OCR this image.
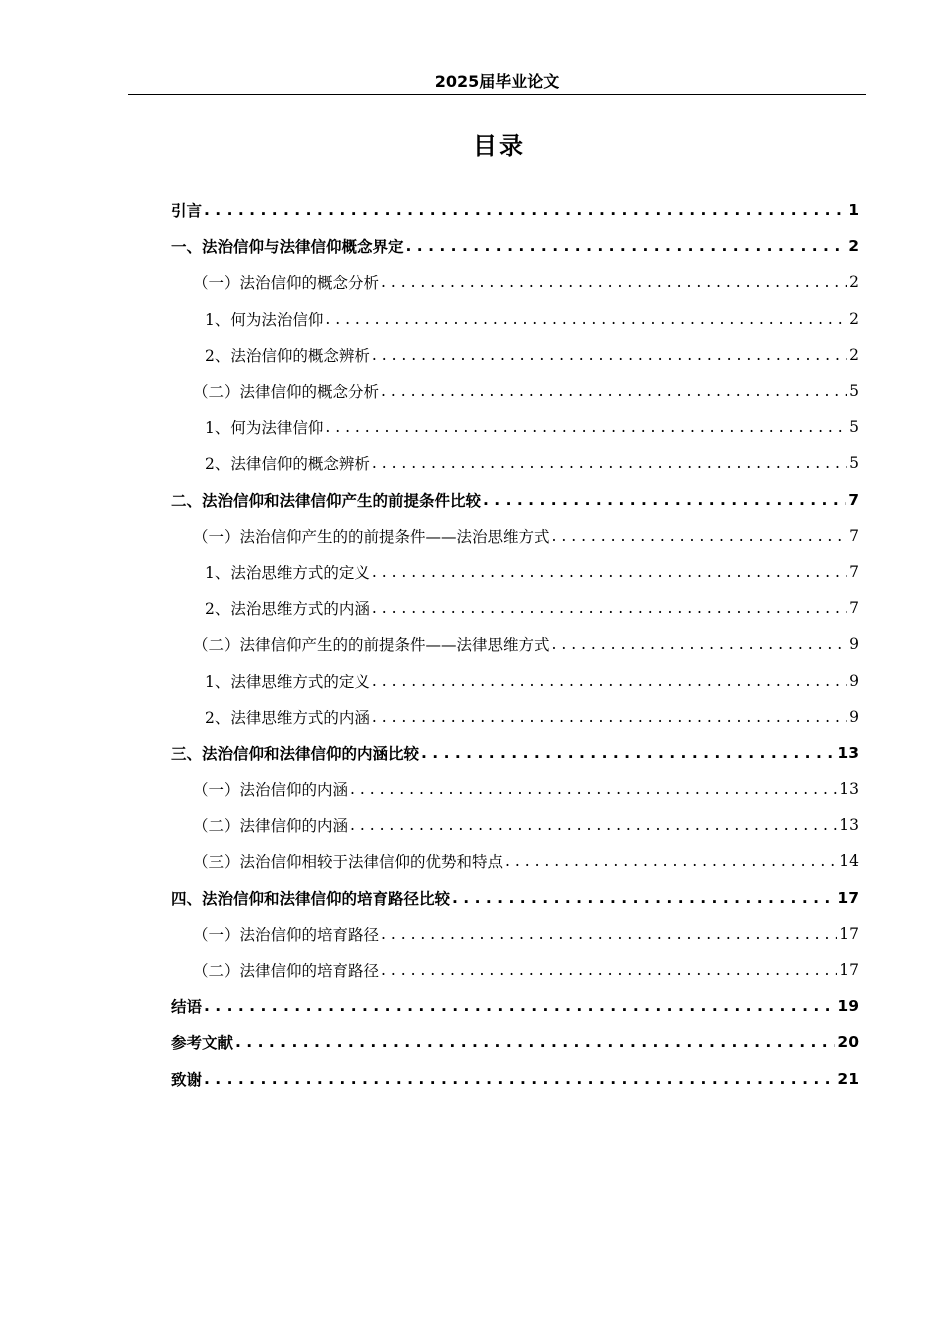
2025届毕业论文
目录
引言 . . .	1
一、法治信仰与法律信仰概念界定 . . .	2
（一）法治信仰的概念分析 . . .	2
1、何为法治信仰 . . .	2
2、法治信仰的概念辨析 . . .	2
（二）法律信仰的概念分析 . . .	5
1、何为法律信仰 . . .	5
2、法律信仰的概念辨析 . . .	5
二、法治信仰和法律信仰产生的前提条件比较 . . .	7
（一）法治信仰产生的的前提条件——法治思维方式 . . .	7
1、法治思维方式的定义 . . .	7
2、法治思维方式的内涵 . . .	7
（二）法律信仰产生的的前提条件——法律思维方式 . . .	9
1、法律思维方式的定义 . . .	9
2、法律思维方式的内涵 . . .	9
三、法治信仰和法律信仰的内涵比较 . . .	13
（一）法治信仰的内涵 . . .	13
（二）法律信仰的内涵 . . .	13
（三）法治信仰相较于法律信仰的优势和特点 . . .	14
四、法治信仰和法律信仰的培育路径比较 . . .	17
（一）法治信仰的培育路径 . . .	17
（二）法律信仰的培育路径 . . .	17
结语 . . .	19
参考文献 . . .	20
致谢 . . .	21
